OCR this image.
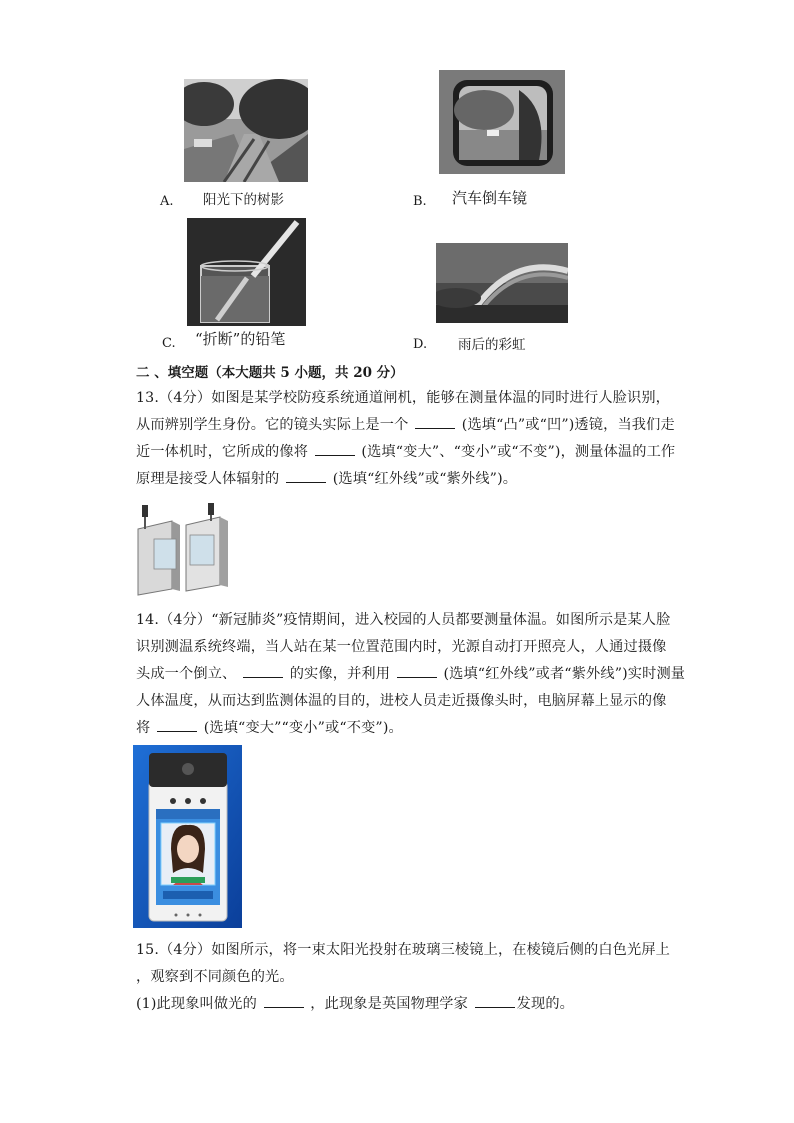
A. 阳光下的树影	B. 汽车倒车镜
C. “折断”的铅笔	D. 雨后的彩虹
二 、填空题（本大题共 5 小题，共 20 分）
13.（4分）如图是某学校防疫系统通道闸机，能够在测量体温的同时进行人脸识别，
从而辨别学生身份。它的镜头实际上是一个	(选填“凸”或“凹”)透镜，当我们走
近一体机时，它所成的像将	(选填“变大”、“变小”或“不变”)，测量体温的工作
原理是接受人体辐射的	(选填“红外线”或“紫外线”)。
14.（4分）“新冠肺炎”疫情期间，进入校园的人员都要测量体温。如图所示是某人脸
识别测温系统终端，当人站在某一位置范围内时，光源自动打开照亮人，人通过摄像
头成一个倒立、	的实像，并利用	(选填“红外线”或者“紫外线”)实时测量
人体温度，从而达到监测体温的目的，进校人员走近摄像头时，电脑屏幕上显示的像
将	(选填“变大”“变小”或“不变”)。
15.（4分）如图所示，将一束太阳光投射在玻璃三棱镜上，在棱镜后侧的白色光屏上
，观察到不同颜色的光。
(1)此现象叫做光的	，此现象是英国物理学家	发现的。
